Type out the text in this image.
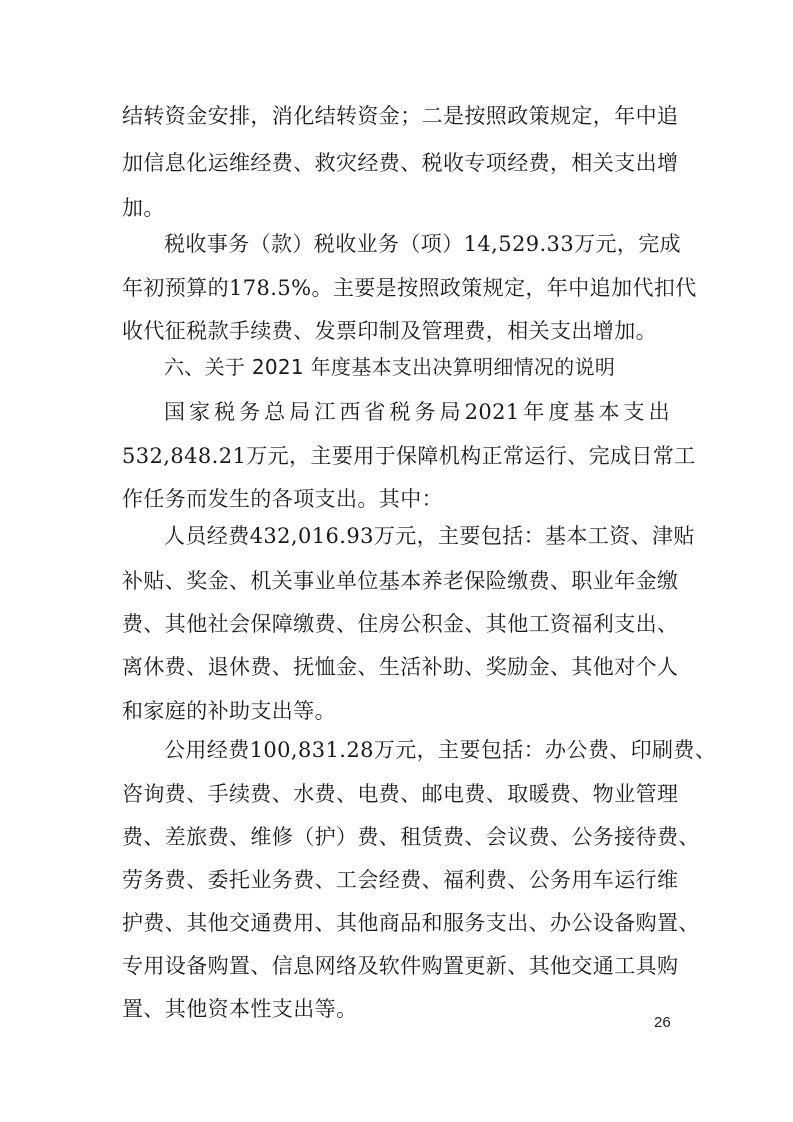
结转资金安排，消化结转资金；二是按照政策规定，年中追
加信息化运维经费、救灾经费、税收专项经费，相关支出增
加。
税收事务（款）税收业务（项）14,529.33万元，完成
年初预算的178.5%。主要是按照政策规定，年中追加代扣代
收代征税款手续费、发票印制及管理费，相关支出增加。
六、关于 2021 年度基本支出决算明细情况的说明
国家税务总局江西省税务局2021年度基本支出
532,848.21万元，主要用于保障机构正常运行、完成日常工
作任务而发生的各项支出。其中：
人员经费432,016.93万元，主要包括：基本工资、津贴
补贴、奖金、机关事业单位基本养老保险缴费、职业年金缴
费、其他社会保障缴费、住房公积金、其他工资福利支出、
离休费、退休费、抚恤金、生活补助、奖励金、其他对个人
和家庭的补助支出等。
公用经费100,831.28万元，主要包括：办公费、印刷费、
咨询费、手续费、水费、电费、邮电费、取暖费、物业管理
费、差旅费、维修（护）费、租赁费、会议费、公务接待费、
劳务费、委托业务费、工会经费、福利费、公务用车运行维
护费、其他交通费用、其他商品和服务支出、办公设备购置、
专用设备购置、信息网络及软件购置更新、其他交通工具购
置、其他资本性支出等。
26
